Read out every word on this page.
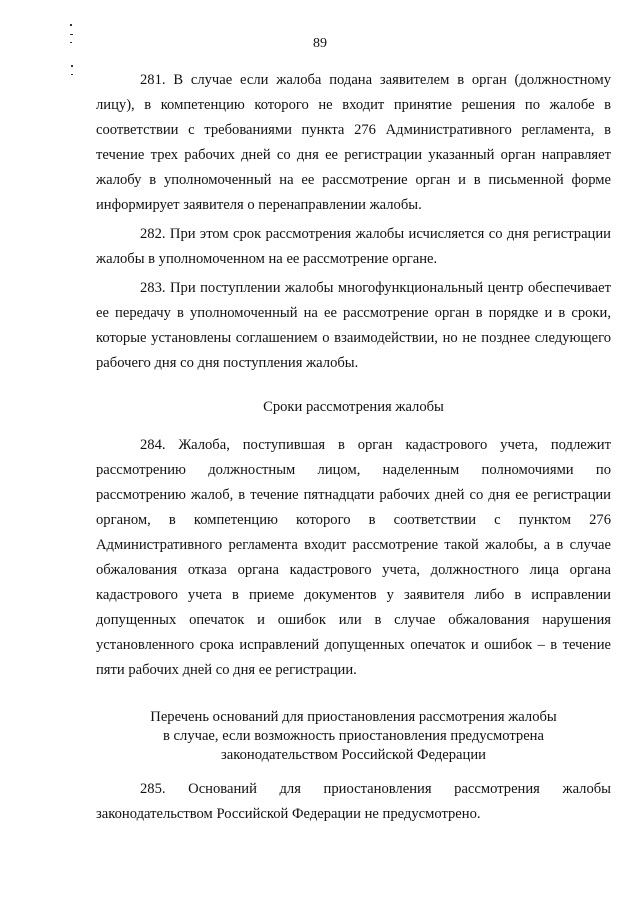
89

281. В случае если жалоба подана заявителем в орган (должностному лицу), в компетенцию которого не входит принятие решения по жалобе в соответствии с требованиями пункта 276 Административного регламента, в течение трех рабочих дней со дня ее регистрации указанный орган направляет жалобу в уполномоченный на ее рассмотрение орган и в письменной форме информирует заявителя о перенаправлении жалобы.

282. При этом срок рассмотрения жалобы исчисляется со дня регистрации жалобы в уполномоченном на ее рассмотрение органе.

283. При поступлении жалобы многофункциональный центр обеспечивает ее передачу в уполномоченный на ее рассмотрение орган в порядке и в сроки, которые установлены соглашением о взаимодействии, но не позднее следующего рабочего дня со дня поступления жалобы.

Сроки рассмотрения жалобы

284. Жалоба, поступившая в орган кадастрового учета, подлежит рассмотрению должностным лицом, наделенным полномочиями по рассмотрению жалоб, в течение пятнадцати рабочих дней со дня ее регистрации органом, в компетенцию которого в соответствии с пунктом 276 Административного регламента входит рассмотрение такой жалобы, а в случае обжалования отказа органа кадастрового учета, должностного лица органа кадастрового учета в приеме документов у заявителя либо в исправлении допущенных опечаток и ошибок или в случае обжалования нарушения установленного срока исправлений допущенных опечаток и ошибок – в течение пяти рабочих дней со дня ее регистрации.

Перечень оснований для приостановления рассмотрения жалобы
в случае, если возможность приостановления предусмотрена
законодательством Российской Федерации

285. Оснований для приостановления рассмотрения жалобы законодательством Российской Федерации не предусмотрено.
